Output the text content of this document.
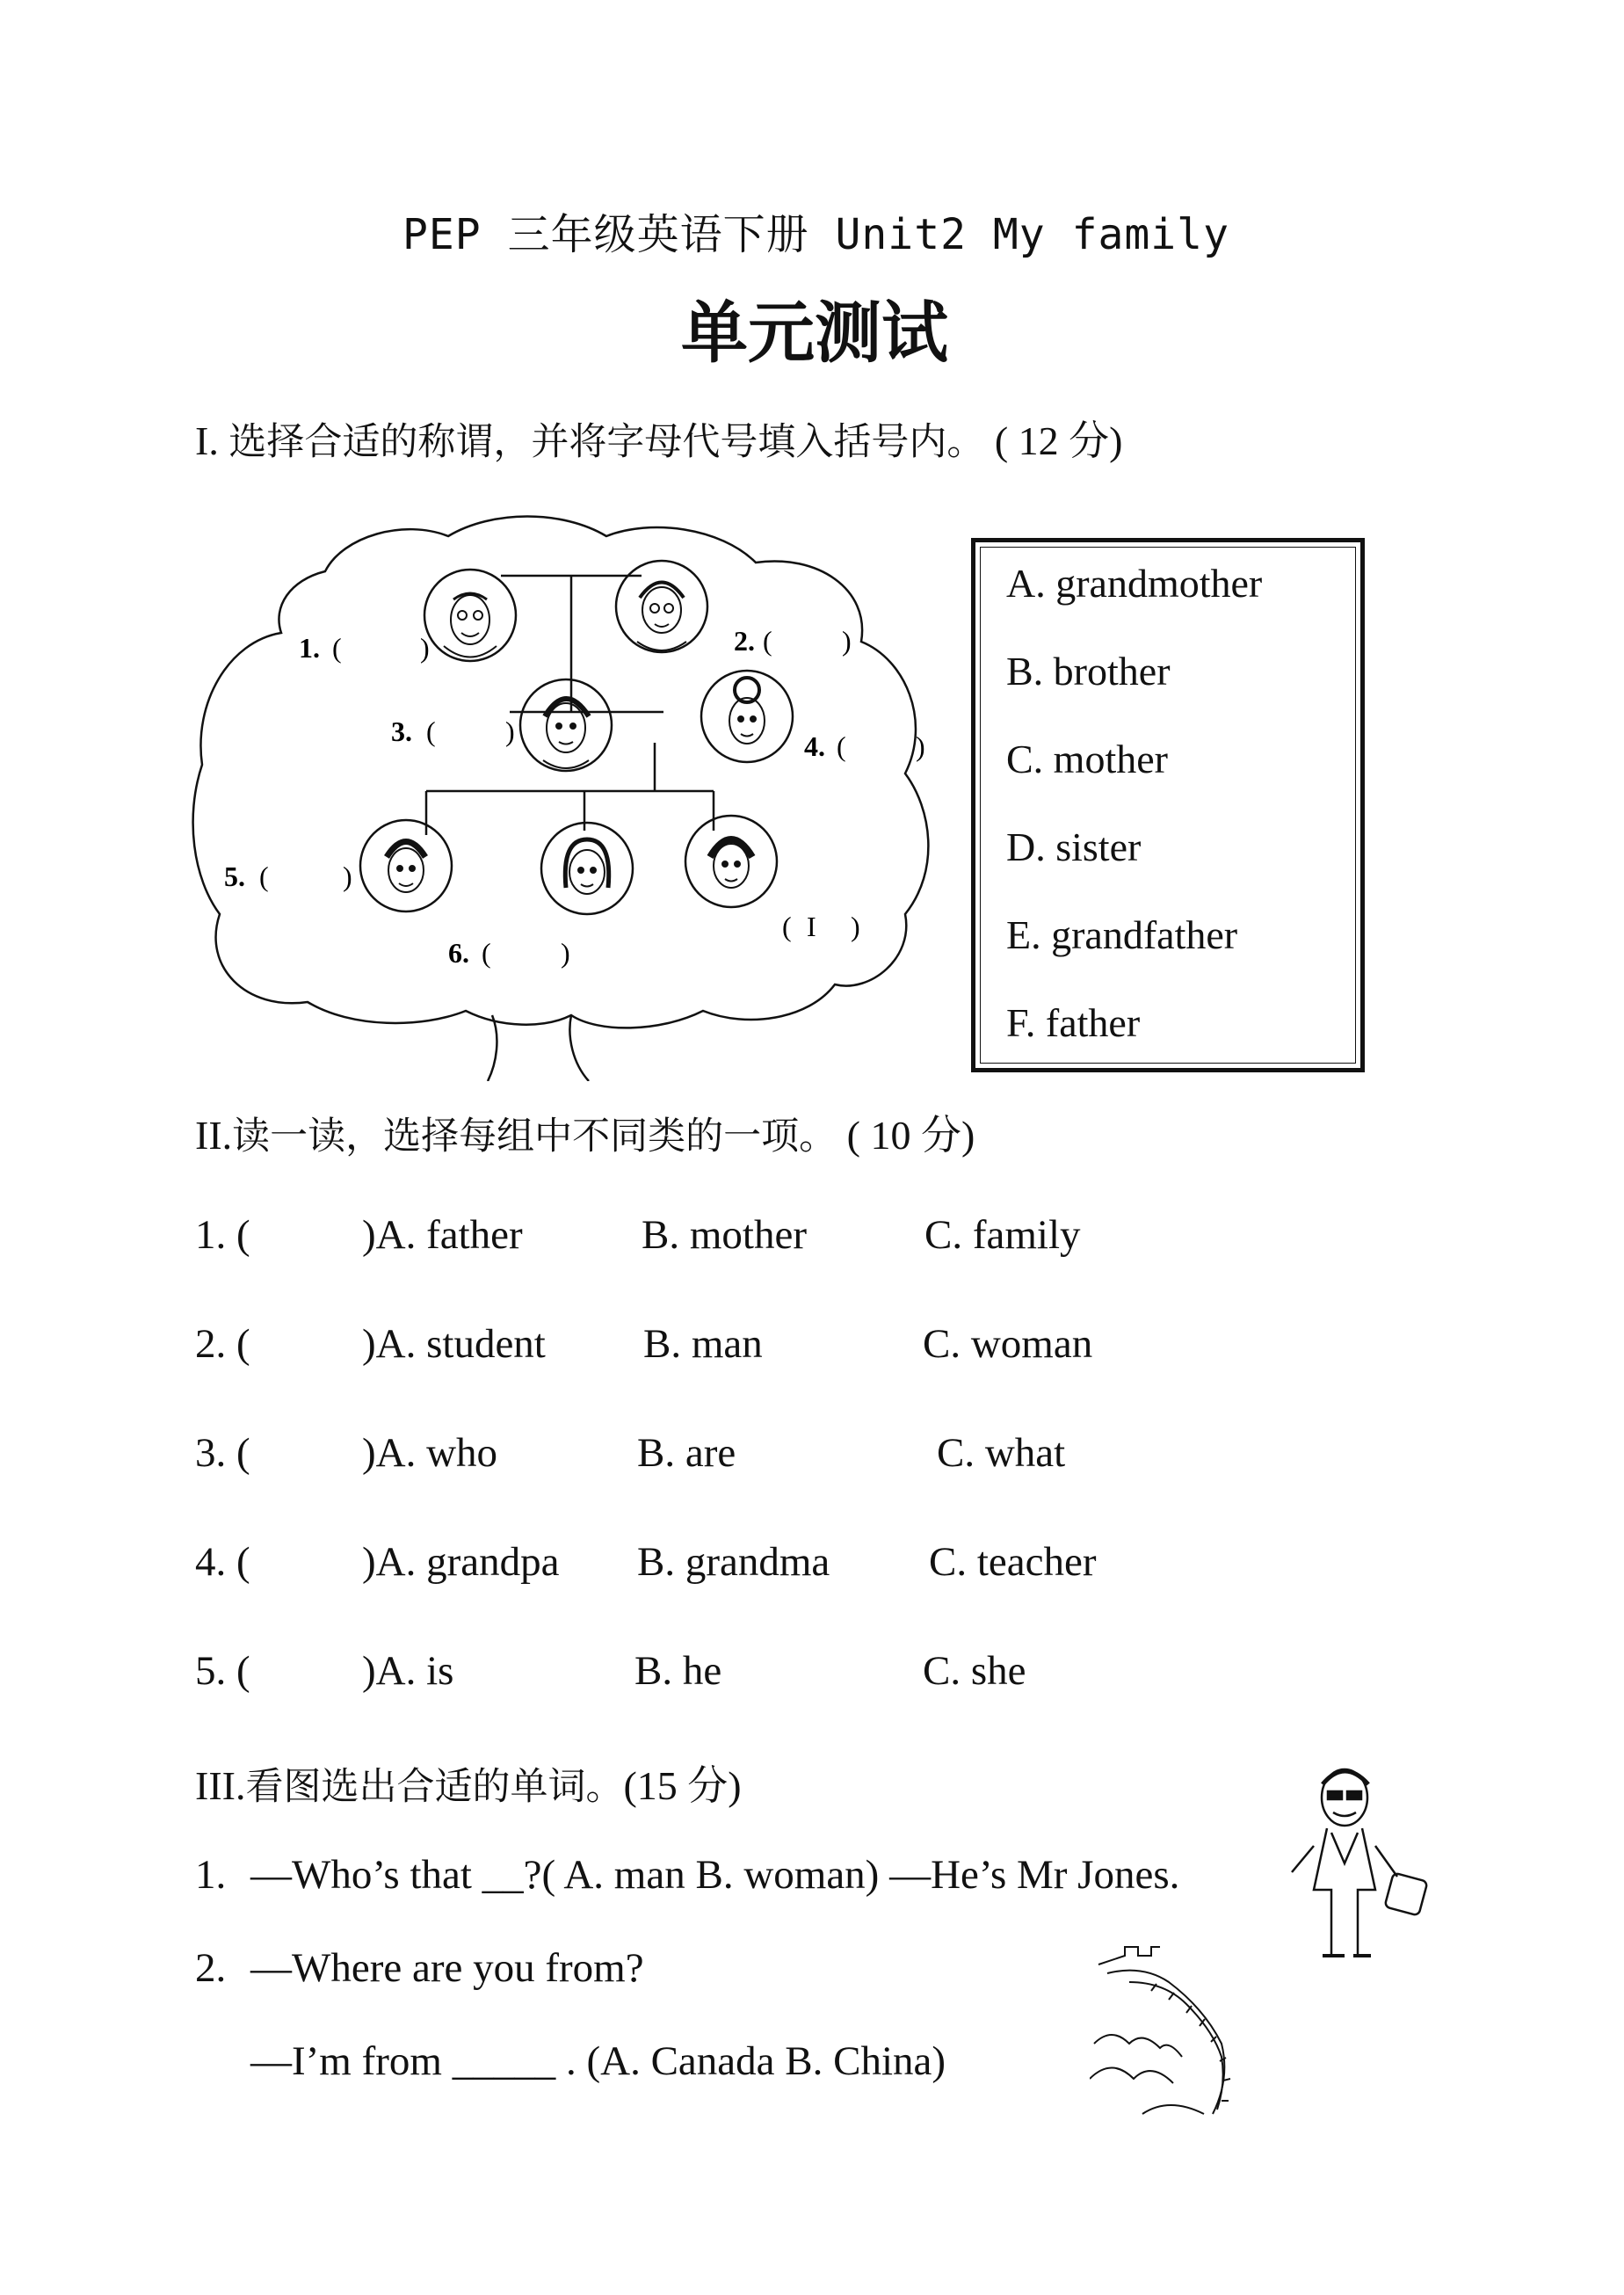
PEP 三年级英语下册 Unit2 My family
单元测试
I. 选择合适的称谓，并将字母代号填入括号内。 ( 12 分)
1. (	)	2. ( )
3. ( )	4. ( )
5. (	)
6. ( )
( I )
A. grandmother
B. brother
C. mother
D. sister
E. grandfather
F. father
II.读一读，选择每组中不同类的一项。 ( 10 分)
1. (	)A. father	B. mother	C. family
2. (	)A. student B. man	C. woman
3. (	)A. who	B. are	C. what
4. (	)A. grandpa B. grandma C. teacher
5. (	)A. is	B. he	C. she
III.看图选出合适的单词。(15 分)
1. —Who’s that __?( A. man B. woman) —He’s Mr Jones.
2. —Where are you from?
—I’m from _____ . (A. Canada B. China)
